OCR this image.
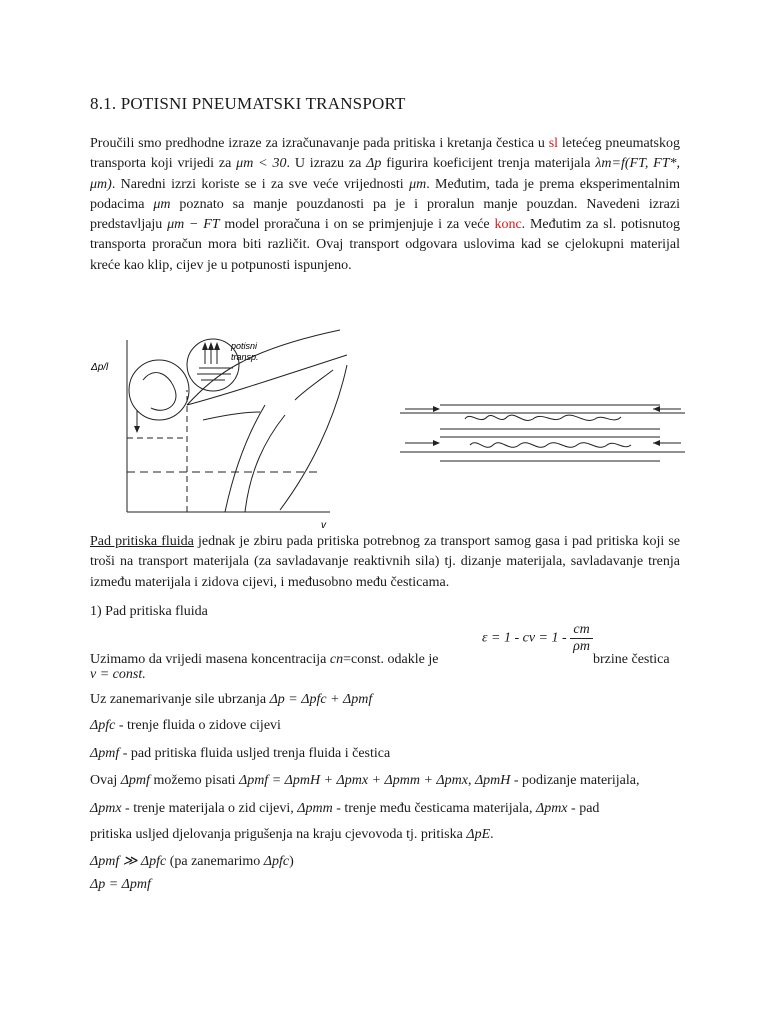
8.1. POTISNI PNEUMATSKI TRANSPORT
Proučili smo predhodne izraze za izračunavanje pada pritiska i kretanja čestica u sl letećeg pneumatskog transporta koji vrijedi za μm < 30. U izrazu za Δp figurira koeficijent trenja materijala λm=f(FT, FT*, μm). Naredni izrzi koriste se i za sve veće vrijednosti μm. Međutim, tada je prema eksperimentalnim podacima μm poznato sa manje pouzdanosti pa je i proralun manje pouzdan. Navedeni izrazi predstavljaju μm − FT model proračuna i on se primjenjuje i za veće konc. Međutim za sl. potisnutog transporta proračun mora biti različit. Ovaj transport odgovara uslovima kad se cjelokupni materijal kreće kao klip, cijev je u potpunosti ispunjeno.
Δp/l
v
potisni transp.
Pad pritiska fluida jednak je zbiru pada pritiska potrebnog za transport samog gasa i pad pritiska koji se troši na transport materijala (za savladavanje reaktivnih sila) tj. dizanje materijala, savladavanje trenja između materijala i zidova cijevi, i međusobno među česticama.
1) Pad pritiska fluida
ε = 1 - cv = $1 - \frac{cm}{\rho m}$
Uzimamo da vrijedi masena koncentracija cn=const. odakle je	brzine čestica
v = const.
Uz zanemarivanje sile ubrzanja Δp = Δpfc + Δpmf
Δpfc - trenje fluida o zidove cijevi
Δpmf - pad pritiska fluida usljed trenja fluida i čestica
Ovaj Δpmf možemo pisati Δpmf = ΔpmH + Δpmx + Δpmm + Δpmx, ΔpmH - podizanje materijala,
Δpmx - trenje materijala o zid cijevi, Δpmm - trenje među česticama materijala, Δpmx - pad
pritiska usljed djelovanja prigušenja na kraju cjevovoda tj. pritiska ΔpE.
Δpmf ≫ Δpfc (pa zanemarimo Δpfc)
Δp = Δpmf
